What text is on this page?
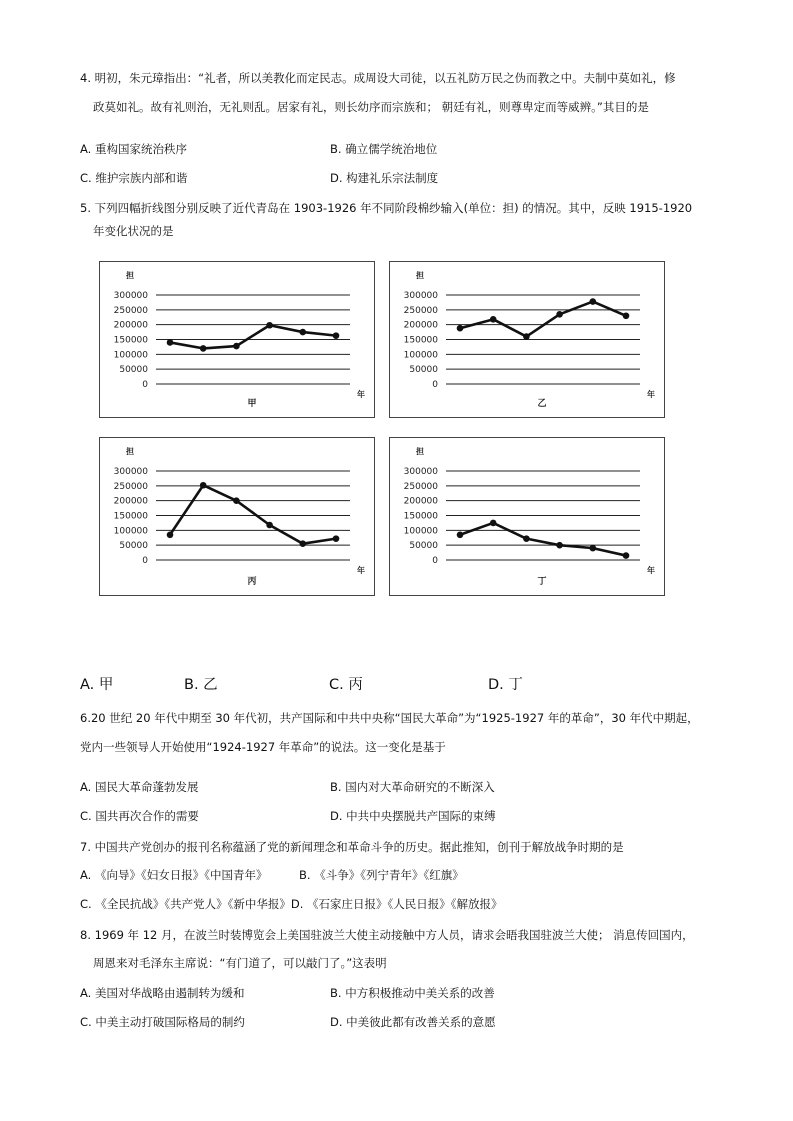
4. 明初，朱元璋指出：“礼者，所以美教化而定民志。成周设大司徒，以五礼防万民之伪而教之中。夫制中莫如礼，修
政莫如礼。故有礼则治，无礼则乱。居家有礼，则长幼序而宗族和； 朝廷有礼，则尊卑定而等威辨。”其目的是
A. 重构国家统治秩序	B. 确立儒学统治地位
C. 维护宗族内部和谐	D. 构建礼乐宗法制度
5. 下列四幅折线图分别反映了近代青岛在 1903-1926 年不同阶段棉纱输入(单位：担) 的情况。其中，反映 1915-1920
年变化状况的是
担
300000
250000
200000
150000
100000
50000
0
年
甲
担
300000
250000
200000
150000
100000
50000
0
年
乙
担
300000
250000
200000
150000
100000
50000
0
年
丙
担
300000
250000
200000
150000
100000
50000
0
年
丁
A. 甲	B. 乙	C. 丙	D. 丁
6.20 世纪 20 年代中期至 30 年代初，共产国际和中共中央称“国民大革命”为“1925-1927 年的革命”，30 年代中期起，
党内一些领导人开始使用“1924-1927 年革命”的说法。这一变化是基于
A. 国民大革命蓬勃发展	B. 国内对大革命研究的不断深入
C. 国共再次合作的需要	D. 中共中央摆脱共产国际的束缚
7. 中国共产党创办的报刊名称蕴涵了党的新闻理念和革命斗争的历史。据此推知，创刊于解放战争时期的是
A. 《向导》《妇女日报》《中国青年》	B. 《斗争》《列宁青年》《红旗》
C. 《全民抗战》《共产党人》《新中华报》D. 《石家庄日报》《人民日报》《解放报》
8. 1969 年 12 月，在波兰时装博览会上美国驻波兰大使主动接触中方人员，请求会晤我国驻波兰大使； 消息传回国内，
周恩来对毛泽东主席说：“有门道了，可以敲门了。”这表明
A. 美国对华战略由遏制转为缓和	B. 中方积极推动中美关系的改善
C. 中美主动打破国际格局的制约	D. 中美彼此都有改善关系的意愿
